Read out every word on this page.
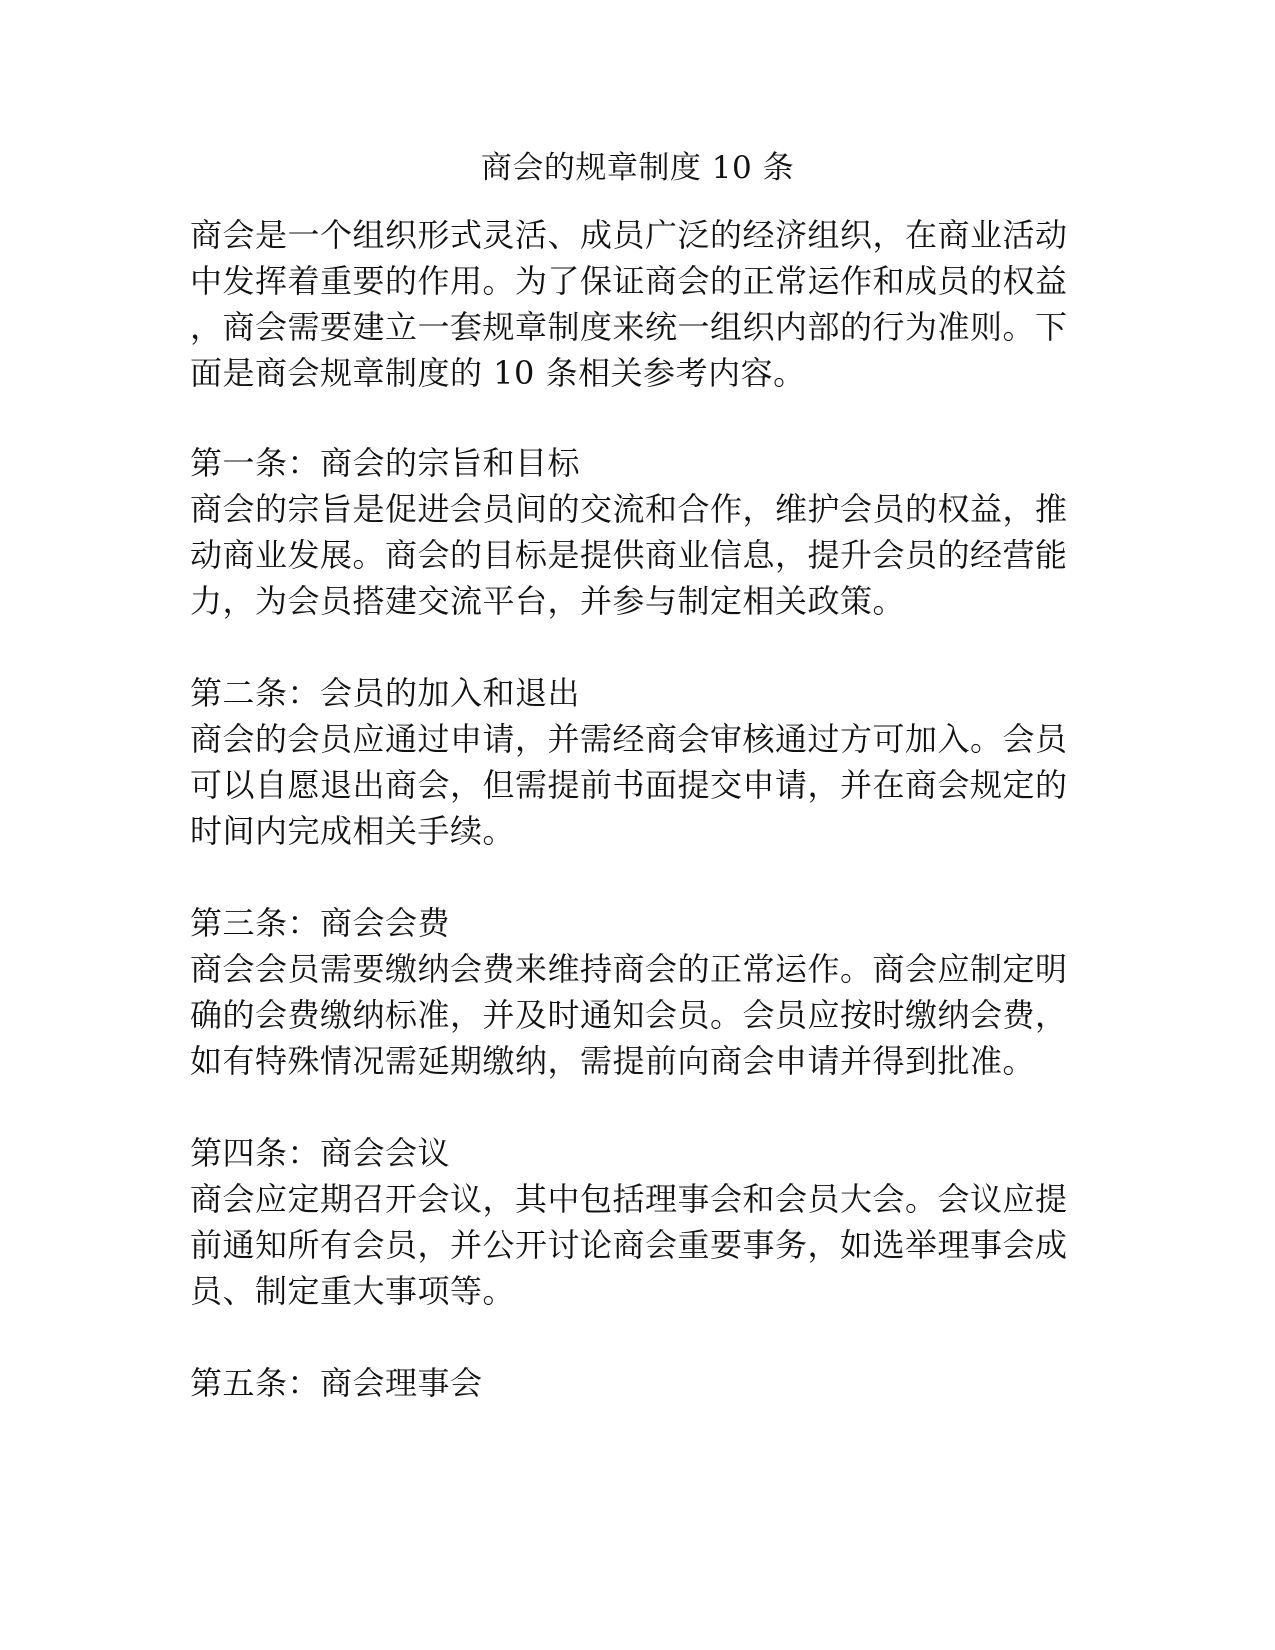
商会的规章制度 10 条
商会是一个组织形式灵活、成员广泛的经济组织，在商业活动
中发挥着重要的作用。为了保证商会的正常运作和成员的权益
，商会需要建立一套规章制度来统一组织内部的行为准则。下
面是商会规章制度的 10 条相关参考内容。
第一条：商会的宗旨和目标
商会的宗旨是促进会员间的交流和合作，维护会员的权益，推
动商业发展。商会的目标是提供商业信息，提升会员的经营能
力，为会员搭建交流平台，并参与制定相关政策。
第二条：会员的加入和退出
商会的会员应通过申请，并需经商会审核通过方可加入。会员
可以自愿退出商会，但需提前书面提交申请，并在商会规定的
时间内完成相关手续。
第三条：商会会费
商会会员需要缴纳会费来维持商会的正常运作。商会应制定明
确的会费缴纳标准，并及时通知会员。会员应按时缴纳会费，
如有特殊情况需延期缴纳，需提前向商会申请并得到批准。
第四条：商会会议
商会应定期召开会议，其中包括理事会和会员大会。会议应提
前通知所有会员，并公开讨论商会重要事务，如选举理事会成
员、制定重大事项等。
第五条：商会理事会
